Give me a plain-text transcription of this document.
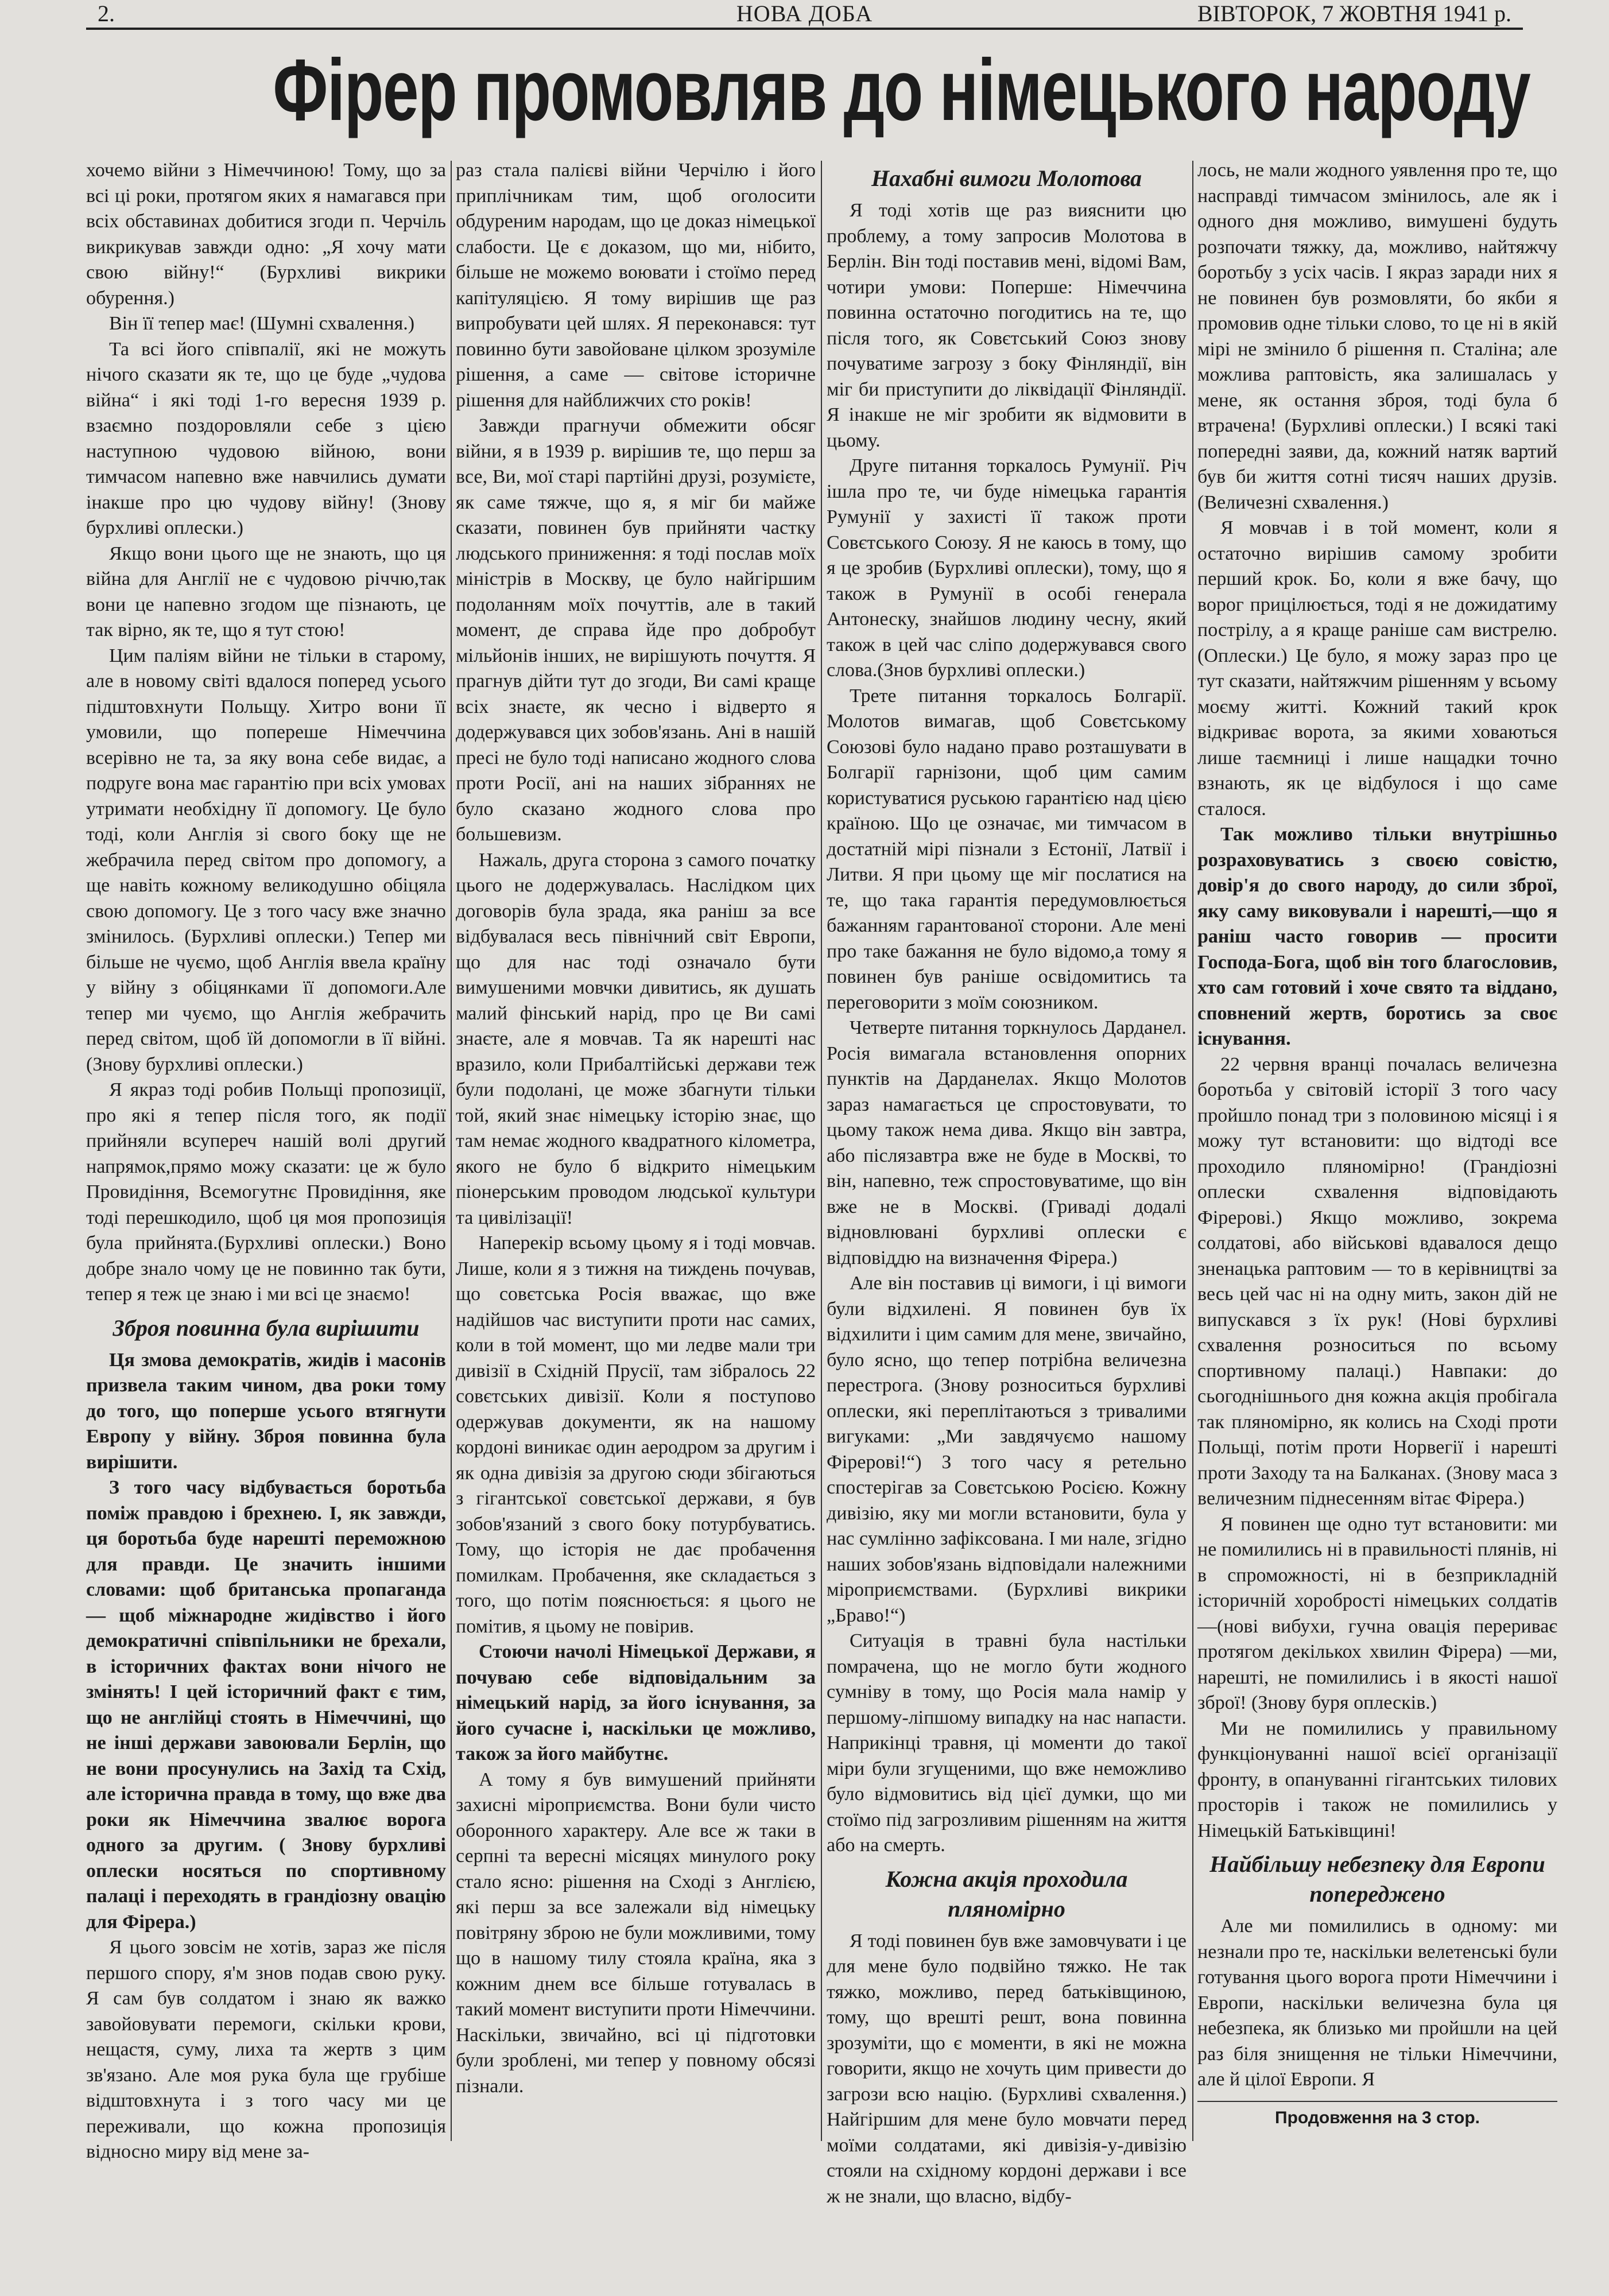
2.	НОВА ДОБА	ВІВТОРОК, 7 ЖОВТНЯ 1941 р.
Фірер промовляв до німецького народу

хочемо війни з Німеччиною! Тому, що за всі ці роки, протягом яких я намагався при всіх обставинах добитися згоди п. Черчіль викрикував завжди одно: „Я хочу мати свою війну!“ (Бурхливі викрики обурення.)

Він її тепер має! (Шумні схвалення.)

Та всі його співпалії, які не можуть нічого сказати як те, що це буде „чудова війна“ і які тоді 1-го вересня 1939 р. взаємно поздоровляли себе з цією наступною чудовою війною, вони тимчасом напевно вже навчились думати інакше про цю чудову війну! (Знову бурхливі оплески.)

Якщо вони цього ще не знають, що ця війна для Англії не є чудовою річчю,так вони це напевно згодом ще пізнають, це так вірно, як те, що я тут стою!

Цим паліям війни не тільки в старому, але в новому світі вдалося поперед усього підштовхнути Польщу. Хитро вони її умовили, що попереше Німеччина всерівно не та, за яку вона себе видає, а подруге вона має гарантію при всіх умовах утримати необхідну її допомогу. Це було тоді, коли Англія зі свого боку ще не жебрачила перед світом про допомогу, а ще навіть кожному великодушно обіцяла свою допомогу. Це з того часу вже значно змінилось. (Бурхливі оплески.) Тепер ми більше не чуємо, щоб Англія ввела країну у війну з обіцянками її допомоги.Але тепер ми чуємо, що Англія жебрачить перед світом, щоб їй допомогли в її війні. (Знову бурхливі оплески.)

Я якраз тоді робив Польщі пропозиції, про які я тепер після того, як події прийняли всупереч нашій волі другий напрямок,прямо можу сказати: це ж було Провидіння, Всемогутнє Провидіння, яке тоді перешкодило, щоб ця моя пропозиція була прийнята.(Бурхливі оплески.) Воно добре знало чому це не повинно так бути, тепер я теж це знаю і ми всі це знаємо!

Зброя повинна була вирішити

Ця змова демократів, жидів і масонів призвела таким чином, два роки тому до того, що поперше усього втягнути Европу у війну. Зброя повинна була вирішити.

З того часу відбувається боротьба поміж правдою і брехнею. І, як завжди, ця боротьба буде нарешті переможною для правди. Це значить іншими словами: щоб британська пропаганда — щоб міжнародне жидівство і його демократичні співпільники не брехали, в історичних фактах вони нічого не змінять! І цей історичний факт є тим, що не англійці стоять в Німеччині, що не інші держави завоювали Берлін, що не вони просунулись на Захід та Схід, але історична правда в тому, що вже два роки як Німеччина звалює ворога одного за другим. ( Знову бурхливі оплески носяться по спортивному палаці і переходять в грандіозну овацію для Фірера.)

Я цього зовсім не хотів, зараз же після першого спору, я'м знов подав свою руку. Я сам був солдатом і знаю як важко завойовувати перемоги, скільки крови, нещастя, суму, лиха та жертв з цим зв'язано. Але моя рука була ще грубіше відштовхнута і з того часу ми це переживали, що кожна пропозиція відносно миру від мене за-

раз стала палієві війни Черчілю і його приплічникам тим, щоб оголосити обдуреним народам, що це доказ німецької слабости. Це є доказом, що ми, нібито, більше не можемо воювати і стоїмо перед капітуляцією. Я тому вирішив ще раз випробувати цей шлях. Я переконався: тут повинно бути завойоване цілком зрозуміле рішення, а саме — світове історичне рішення для найближчих сто років!

Завжди прагнучи обмежити обсяг війни, я в 1939 р. вирішив те, що перш за все, Ви, мої старі партійні друзі, розумієте, як саме тяжче, що я, я міг би майже сказати, повинен був прийняти частку людського приниження: я тоді послав моїх міністрів в Москву, це було найгіршим подоланням моїх почуттів, але в такий момент, де справа йде про добробут мільйонів інших, не вирішують почуття. Я прагнув дійти тут до згоди, Ви самі краще всіх знаєте, як чесно і відверто я додержувався цих зобов'язань. Ані в нашій пресі не було тоді написано жодного слова проти Росії, ані на наших зібраннях не було сказано жодного слова про большевизм.

Нажаль, друга сторона з самого початку цього не додержувалась. Наслідком цих договорів була зрада, яка раніш за все відбувалася весь північний світ Европи, що для нас тоді означало бути вимушеними мовчки дивитись, як душать малий фінський нарід, про це Ви самі знаєте, але я мовчав. Та як нарешті нас вразило, коли Прибалтійські держави теж були подолані, це може збагнути тільки той, який знає німецьку історію знає, що там немає жодного квадратного кілометра, якого не було б відкрито німецьким піонерським проводом людської культури та цивілізації!

Наперекір всьому цьому я і тоді мовчав. Лише, коли я з тижня на тиждень почував, що совєтська Росія вважає, що вже надійшов час виступити проти нас самих, коли в той момент, що ми ледве мали три дивізії в Східній Прусії, там зібралось 22 совєтських дивізії. Коли я поступово одержував документи, як на нашому кордоні виникає один аеродром за другим і як одна дивізія за другою сюди збігаються з гігантської совєтської держави, я був зобов'язаний з свого боку потурбуватись. Тому, що історія не дає пробачення помилкам. Пробачення, яке складається з того, що потім пояснюється: я цього не помітив, я цьому не повірив.

Стоючи начолі Німецької Держави, я почуваю себе відповідальним за німецький нарід, за його існування, за його сучасне і, наскільки це можливо, також за його майбутнє.

А тому я був вимушений прийняти захисні міроприємства. Вони були чисто оборонного характеру. Але все ж таки в серпні та вересні місяцях минулого року стало ясно: рішення на Сході з Англією, які перш за все залежали від німецьку повітряну зброю не були можливими, тому що в нашому тилу стояла країна, яка з кожним днем все більше готувалась в такий момент виступити проти Німеччини. Наскільки, звичайно, всі ці підготовки були зроблені, ми тепер у повному обсязі пізнали.

Нахабні вимоги Молотова

Я тоді хотів ще раз вияснити цю проблему, а тому запросив Молотова в Берлін. Він тоді поставив мені, відомі Вам, чотири умови: Поперше: Німеччина повинна остаточно погодитись на те, що після того, як Совєтський Союз знову почуватиме загрозу з боку Фінляндії, він міг би приступити до ліквідації Фінляндії. Я інакше не міг зробити як відмовити в цьому.

Друге питання торкалось Румунії. Річ ішла про те, чи буде німецька гарантія Румунії у захисті її також проти Совєтського Союзу. Я не каюсь в тому, що я це зробив (Бурхливі оплески), тому, що я також в Румунії в особі генерала Антонеску, знайшов людину чесну, який також в цей час сліпо додержувався свого слова.(Знов бурхливі оплески.)

Трете питання торкалось Болгарії. Молотов вимагав, щоб Совєтському Союзові було надано право розташувати в Болгарії гарнізони, щоб цим самим користуватися руською гарантією над цією країною. Що це означає, ми тимчасом в достатній мірі пізнали з Естонії, Латвії і Литви. Я при цьому ще міг послатися на те, що така гарантія передумовлюється бажанням гарантованої сторони. Але мені про таке бажання не було відомо,а тому я повинен був раніше освідомитись та переговорити з моїм союзником.

Четверте питання торкнулось Дарданел. Росія вимагала встановлення опорних пунктів на Дарданелах. Якщо Молотов зараз намагається це спростовувати, то цьому також нема дива. Якщо він завтра, або післязавтра вже не буде в Москві, то він, напевно, теж спростовуватиме, що він вже не в Москві. (Гриваді додалі відновлювані бурхливі оплески є відповіддю на визначення Фірера.)

Але він поставив ці вимоги, і ці вимоги були відхилені. Я повинен був їх відхилити і цим самим для мене, звичайно, було ясно, що тепер потрібна величезна перестрога. (Знову розноситься бурхливі оплески, які переплітаються з тривалими вигуками: „Ми завдячуємо нашому Фірерові!“) З того часу я ретельно спостерігав за Совєтською Росією. Кожну дивізію, яку ми могли встановити, була у нас сумлінно зафіксована. І ми нале, згідно наших зобов'язань відповідали належними міроприємствами. (Бурхливі викрики „Браво!“)

Ситуація в травні була настільки помрачена, що не могло бути жодного сумніву в тому, що Росія мала намір у першому-ліпшому випадку на нас напасти. Наприкінці травня, ці моменти до такої міри були згущеними, що вже неможливо було відмовитись від цієї думки, що ми стоїмо під загрозливим рішенням на життя або на смерть.

Кожна акція проходила пляномірно

Я тоді повинен був вже замовчувати і це для мене було подвійно тяжко. Не так тяжко, можливо, перед батьківщиною, тому, що врешті решт, вона повинна зрозуміти, що є моменти, в які не можна говорити, якщо не хочуть цим привести до загрози всю націю. (Бурхливі схвалення.) Найгіршим для мене було мовчати перед моїми солдатами, які дивізія-у-дивізію стояли на східному кордоні держави і все ж не знали, що власно, відбу-

лось, не мали жодного уявлення про те, що насправді тимчасом змінилось, але як і одного дня можливо, вимушені будуть розпочати тяжку, да, можливо, найтяжчу боротьбу з усіх часів. І якраз заради них я не повинен був розмовляти, бо якби я промовив одне тільки слово, то це ні в якій мірі не змінило б рішення п. Сталіна; але можлива раптовість, яка залишалась у мене, як остання зброя, тоді була б втрачена! (Бурхливі оплески.) І всякі такі попередні заяви, да, кожний натяк вартий був би життя сотні тисяч наших друзів. (Величезні схвалення.)

Я мовчав і в той момент, коли я остаточно вирішив самому зробити перший крок. Бо, коли я вже бачу, що ворог прицілюється, тоді я не дожидатиму пострілу, а я краще раніше сам вистрелю. (Оплески.) Це було, я можу зараз про це тут сказати, найтяжчим рішенням у всьому моєму житті. Кожний такий крок відкриває ворота, за якими ховаються лише таємниці і лише нащадки точно взнають, як це відбулося і що саме сталося.

Так можливо тільки внутрішньо розраховуватись з своєю совістю, довір'я до свого народу, до сили зброї, яку саму виковували і нарешті,—що я раніш часто говорив — просити Господа-Бога, щоб він того благословив, хто сам готовий і хоче свято та віддано, сповнений жертв, боротись за своє існування.

22 червня вранці почалась величезна боротьба у світовій історії З того часу пройшло понад три з половиною місяці і я можу тут встановити: що відтоді все проходило пляномірно! (Грандіозні оплески схвалення відповідають Фірерові.) Якщо можливо, зокрема солдатові, або військові вдавалося дещо зненацька раптовим — то в керівництві за весь цей час ні на одну мить, закон дій не випускався з їх рук! (Нові бурхливі схвалення розноситься по всьому спортивному палаці.) Навпаки: до сьогоднішнього дня кожна акція пробігала так пляномірно, як колись на Сході проти Польщі, потім проти Норвегії і нарешті проти Заходу та на Балканах. (Знову маса з величезним піднесенням вітає Фірера.)

Я повинен ще одно тут встановити: ми не помилились ні в правильності плянів, ні в спроможності, ні в безприкладній історичній хоробрості німецьких солдатів —(нові вибухи, гучна овація перериває протягом декількох хвилин Фірера) —ми, нарешті, не помилились і в якості нашої зброї! (Знову буря оплесків.)

Ми не помилились у правильному функціонуванні нашої всієї організації фронту, в опануванні гігантських тилових просторів і також не помилились у Німецькій Батьківщині!

Найбільшу небезпеку для Европи попереджено

Але ми помилились в одному: ми незнали про те, наскільки велетенські були готування цього ворога проти Німеччини і Европи, наскільки величезна була ця небезпека, як близько ми пройшли на цей раз біля знищення не тільки Німеччини, але й цілої Европи. Я

Продовження на 3 стор.
